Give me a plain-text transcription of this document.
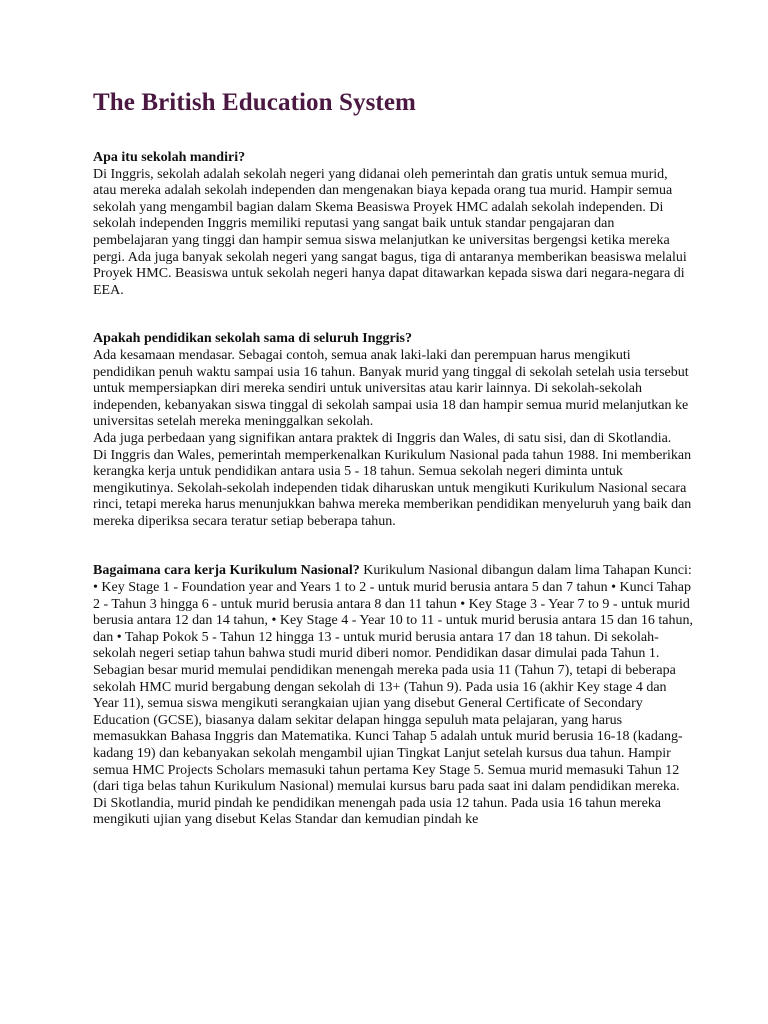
The British Education System
Apa itu sekolah mandiri?
Di Inggris, sekolah adalah sekolah negeri yang didanai oleh pemerintah dan gratis untuk semua murid, atau mereka adalah sekolah independen dan mengenakan biaya kepada orang tua murid. Hampir semua sekolah yang mengambil bagian dalam Skema Beasiswa Proyek HMC adalah sekolah independen. Di sekolah independen Inggris memiliki reputasi yang sangat baik untuk standar pengajaran dan pembelajaran yang tinggi dan hampir semua siswa melanjutkan ke universitas bergengsi ketika mereka pergi. Ada juga banyak sekolah negeri yang sangat bagus, tiga di antaranya memberikan beasiswa melalui Proyek HMC. Beasiswa untuk sekolah negeri hanya dapat ditawarkan kepada siswa dari negara-negara di EEA.
Apakah pendidikan sekolah sama di seluruh Inggris?
Ada kesamaan mendasar. Sebagai contoh, semua anak laki-laki dan perempuan harus mengikuti pendidikan penuh waktu sampai usia 16 tahun. Banyak murid yang tinggal di sekolah setelah usia tersebut untuk mempersiapkan diri mereka sendiri untuk universitas atau karir lainnya. Di sekolah-sekolah independen, kebanyakan siswa tinggal di sekolah sampai usia 18 dan hampir semua murid melanjutkan ke universitas setelah mereka meninggalkan sekolah.
Ada juga perbedaan yang signifikan antara praktek di Inggris dan Wales, di satu sisi, dan di Skotlandia.
Di Inggris dan Wales, pemerintah memperkenalkan Kurikulum Nasional pada tahun 1988. Ini memberikan kerangka kerja untuk pendidikan antara usia 5 - 18 tahun. Semua sekolah negeri diminta untuk mengikutinya. Sekolah-sekolah independen tidak diharuskan untuk mengikuti Kurikulum Nasional secara rinci, tetapi mereka harus menunjukkan bahwa mereka memberikan pendidikan menyeluruh yang baik dan mereka diperiksa secara teratur setiap beberapa tahun.
Bagaimana cara kerja Kurikulum Nasional? Kurikulum Nasional dibangun dalam lima Tahapan Kunci: • Key Stage 1 - Foundation year and Years 1 to 2 - untuk murid berusia antara 5 dan 7 tahun • Kunci Tahap 2 - Tahun 3 hingga 6 - untuk murid berusia antara 8 dan 11 tahun • Key Stage 3 - Year 7 to 9 - untuk murid berusia antara 12 dan 14 tahun, • Key Stage 4 - Year 10 to 11 - untuk murid berusia antara 15 dan 16 tahun, dan • Tahap Pokok 5 - Tahun 12 hingga 13 - untuk murid berusia antara 17 dan 18 tahun. Di sekolah-sekolah negeri setiap tahun bahwa studi murid diberi nomor. Pendidikan dasar dimulai pada Tahun 1. Sebagian besar murid memulai pendidikan menengah mereka pada usia 11 (Tahun 7), tetapi di beberapa sekolah HMC murid bergabung dengan sekolah di 13+ (Tahun 9). Pada usia 16 (akhir Key stage 4 dan Year 11), semua siswa mengikuti serangkaian ujian yang disebut General Certificate of Secondary Education (GCSE), biasanya dalam sekitar delapan hingga sepuluh mata pelajaran, yang harus memasukkan Bahasa Inggris dan Matematika. Kunci Tahap 5 adalah untuk murid berusia 16-18 (kadang-kadang 19) dan kebanyakan sekolah mengambil ujian Tingkat Lanjut setelah kursus dua tahun. Hampir semua HMC Projects Scholars memasuki tahun pertama Key Stage 5. Semua murid memasuki Tahun 12 (dari tiga belas tahun Kurikulum Nasional) memulai kursus baru pada saat ini dalam pendidikan mereka. Di Skotlandia, murid pindah ke pendidikan menengah pada usia 12 tahun. Pada usia 16 tahun mereka mengikuti ujian yang disebut Kelas Standar dan kemudian pindah ke
